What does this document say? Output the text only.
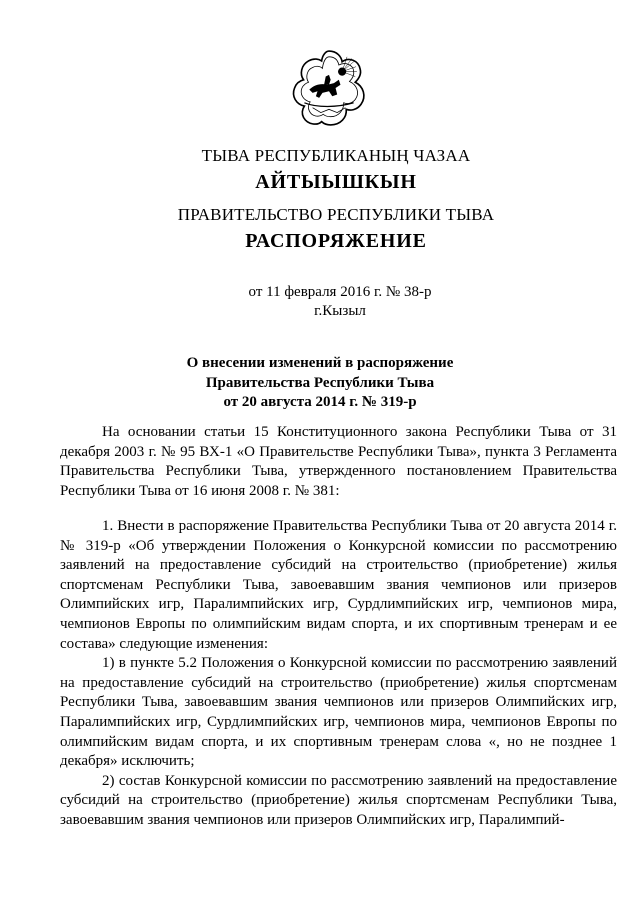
ТЫВА РЕСПУБЛИКАНЫҢ ЧАЗАА
АЙТЫЫШКЫН
ПРАВИТЕЛЬСТВО РЕСПУБЛИКИ ТЫВА
РАСПОРЯЖЕНИЕ
от 11 февраля 2016 г. № 38-р
г.Кызыл
О внесении изменений в распоряжение
Правительства Республики Тыва
от 20 августа 2014 г. № 319-р

На основании статьи 15 Конституционного закона Республики Тыва от 31 декабря 2003 г. № 95 ВХ-1 «О Правительстве Республики Тыва», пункта 3 Регламента Правительства Республики Тыва, утвержденного постановлением Правительства Республики Тыва от 16 июня 2008 г. № 381:

1. Внести в распоряжение Правительства Республики Тыва от 20 августа 2014 г. № 319-р «Об утверждении Положения о Конкурсной комиссии по рассмотрению заявлений на предоставление субсидий на строительство (приобретение) жилья спортсменам Республики Тыва, завоевавшим звания чемпионов или призеров Олимпийских игр, Паралимпийских игр, Сурдлимпийских игр, чемпионов мира, чемпионов Европы по олимпийским видам спорта, и их спортивным тренерам и ее состава» следующие изменения:

1) в пункте 5.2 Положения о Конкурсной комиссии по рассмотрению заявлений на предоставление субсидий на строительство (приобретение) жилья спортсменам Республики Тыва, завоевавшим звания чемпионов или призеров Олимпийских игр, Паралимпийских игр, Сурдлимпийских игр, чемпионов мира, чемпионов Европы по олимпийским видам спорта, и их спортивным тренерам слова «, но не позднее 1 декабря» исключить;

2) состав Конкурсной комиссии по рассмотрению заявлений на предоставление субсидий на строительство (приобретение) жилья спортсменам Республики Тыва, завоевавшим звания чемпионов или призеров Олимпийских игр, Паралимпий-
